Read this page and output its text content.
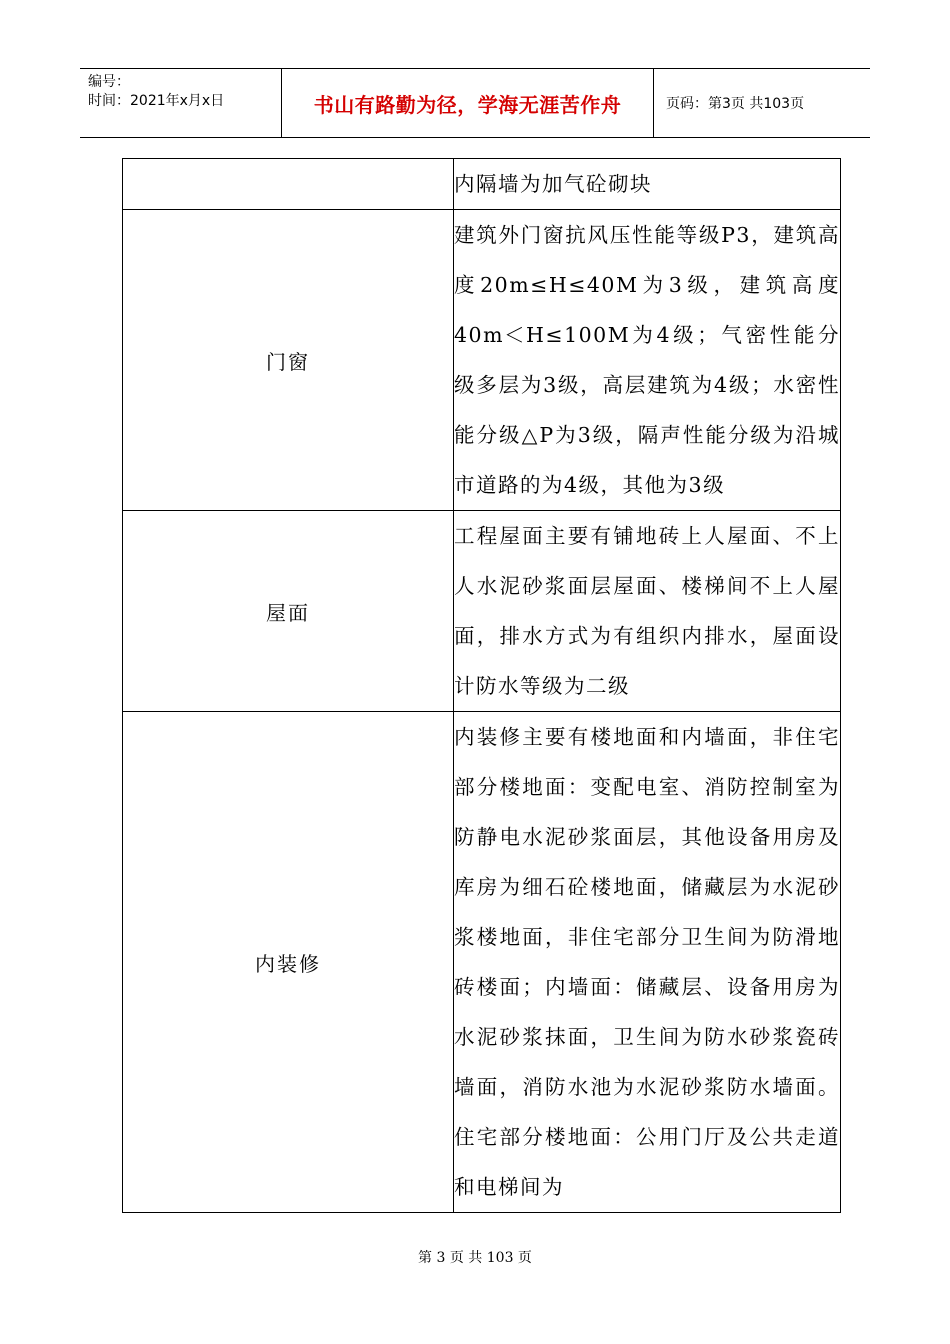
编号：
时间：2021年x月x日	书山有路勤为径，学海无涯苦作舟	页码：第3页 共103页
	内隔墙为加气砼砌块
门窗	建筑外门窗抗风压性能等级P3，建筑高度20m≤H≤40M为3级，建筑高度40m＜H≤100M为4级；气密性能分级多层为3级，高层建筑为4级；水密性能分级△P为3级，隔声性能分级为沿城市道路的为4级，其他为3级
屋面	工程屋面主要有铺地砖上人屋面、不上人水泥砂浆面层屋面、楼梯间不上人屋面，排水方式为有组织内排水，屋面设计防水等级为二级
内装修	内装修主要有楼地面和内墙面，非住宅部分楼地面：变配电室、消防控制室为防静电水泥砂浆面层，其他设备用房及库房为细石砼楼地面，储藏层为水泥砂浆楼地面，非住宅部分卫生间为防滑地砖楼面；内墙面：储藏层、设备用房为水泥砂浆抹面，卫生间为防水砂浆瓷砖墙面，消防水池为水泥砂浆防水墙面。住宅部分楼地面：公用门厅及公共走道和电梯间为
第 3 页 共 103 页
